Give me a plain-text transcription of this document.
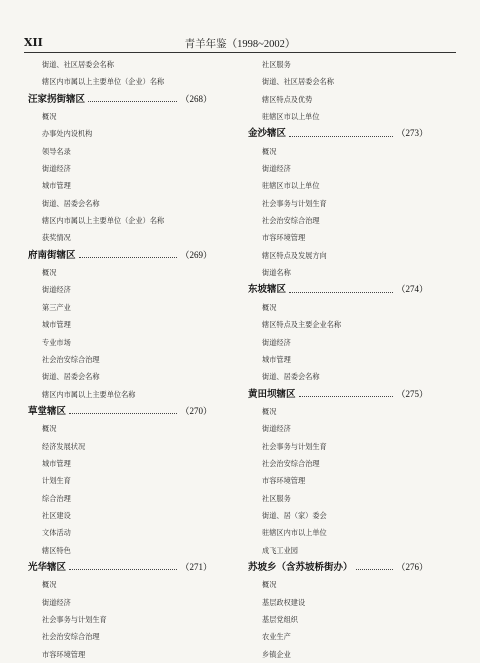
XII	青羊年鉴（1998~2002）
街道、社区居委会名称
辖区内市属以上主要单位（企业）名称
汪家拐街辖区	（268）
概况
办事处内设机构
领导名录
街道经济
城市管理
街道、居委会名称
辖区内市属以上主要单位（企业）名称
获奖情况
府南街辖区	（269）
概况
街道经济
第三产业
城市管理
专业市场
社会治安综合治理
街道、居委会名称
辖区内市属以上主要单位名称
草堂辖区	（270）
概况
经济发展状况
城市管理
计划生育
综合治理
社区建设
文体活动
辖区特色
光华辖区	（271）
概况
街道经济
社会事务与计划生育
社会治安综合治理
市容环境管理
社区服务
街道、社区居委会名称
辖区特点及优势
驻辖区市以上单位
金沙辖区	（273）
概况
街道经济
驻辖区市以上单位
社会事务与计划生育
社会治安综合治理
市容环境管理
辖区特点及发展方向
街道名称
东坡辖区	（274）
概况
辖区特点及主要企业名称
街道经济
城市管理
街道、居委会名称
黄田坝辖区	（275）
概况
街道经济
社会事务与计划生育
社会治安综合治理
市容环境管理
社区服务
街道、居（家）委会
驻辖区内市以上单位
成飞工业园
苏坡乡（含苏坡桥街办）	（276）
概况
基层政权建设
基层党组织
农业生产
乡镇企业
